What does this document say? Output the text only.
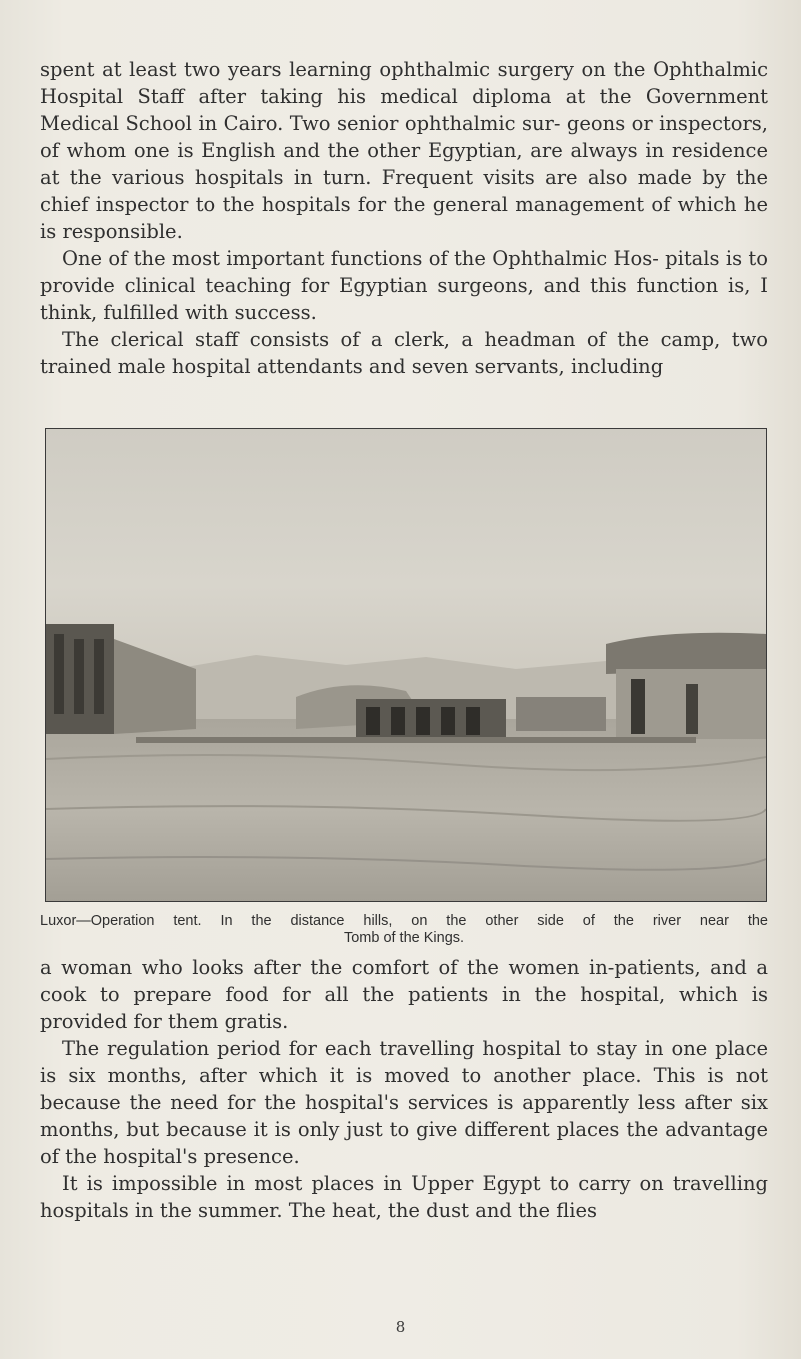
spent at least two years learning ophthalmic surgery on the Ophthalmic Hospital Staff after taking his medical diploma at the Government Medical School in Cairo. Two senior ophthalmic sur- geons or inspectors, of whom one is English and the other Egyptian, are always in residence at the various hospitals in turn. Frequent visits are also made by the chief inspector to the hospitals for the general management of which he is responsible.

One of the most important functions of the Ophthalmic Hos- pitals is to provide clinical teaching for Egyptian surgeons, and this function is, I think, fulfilled with success.

The clerical staff consists of a clerk, a headman of the camp, two trained male hospital attendants and seven servants, including

Luxor—Operation tent. In the distance hills, on the other side of the river near the
Tomb of the Kings.

a woman who looks after the comfort of the women in-patients, and a cook to prepare food for all the patients in the hospital, which is provided for them gratis.

The regulation period for each travelling hospital to stay in one place is six months, after which it is moved to another place. This is not because the need for the hospital's services is apparently less after six months, but because it is only just to give different places the advantage of the hospital's presence.

It is impossible in most places in Upper Egypt to carry on travelling hospitals in the summer. The heat, the dust and the flies

8
